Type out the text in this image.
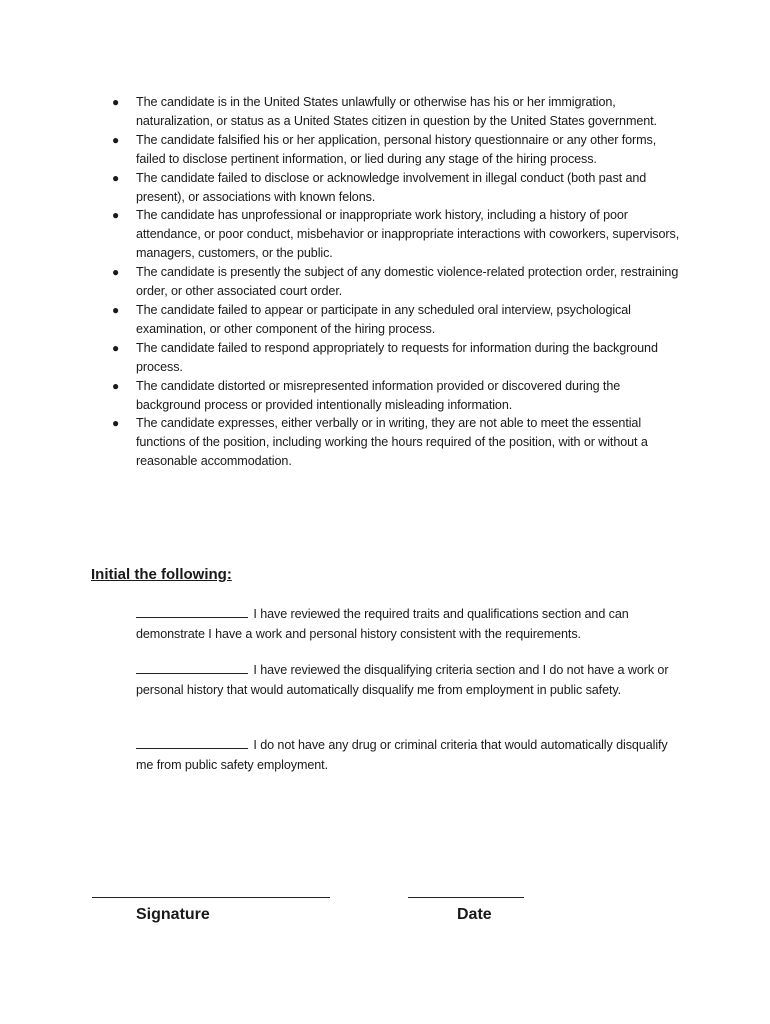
● The candidate is in the United States unlawfully or otherwise has his or her immigration, naturalization, or status as a United States citizen in question by the United States government.
● The candidate falsified his or her application, personal history questionnaire or any other forms, failed to disclose pertinent information, or lied during any stage of the hiring process.
● The candidate failed to disclose or acknowledge involvement in illegal conduct (both past and present), or associations with known felons.
● The candidate has unprofessional or inappropriate work history, including a history of poor attendance, or poor conduct, misbehavior or inappropriate interactions with coworkers, supervisors, managers, customers, or the public.
● The candidate is presently the subject of any domestic violence-related protection order, restraining order, or other associated court order.
● The candidate failed to appear or participate in any scheduled oral interview, psychological examination, or other component of the hiring process.
● The candidate failed to respond appropriately to requests for information during the background process.
● The candidate distorted or misrepresented information provided or discovered during the background process or provided intentionally misleading information.
● The candidate expresses, either verbally or in writing, they are not able to meet the essential functions of the position, including working the hours required of the position, with or without a reasonable accommodation.
Initial the following:
I have reviewed the required traits and qualifications section and can demonstrate I have a work and personal history consistent with the requirements.
I have reviewed the disqualifying criteria section and I do not have a work or personal history that would automatically disqualify me from employment in public safety.
I do not have any drug or criminal criteria that would automatically disqualify me from public safety employment.
Signature	Date
